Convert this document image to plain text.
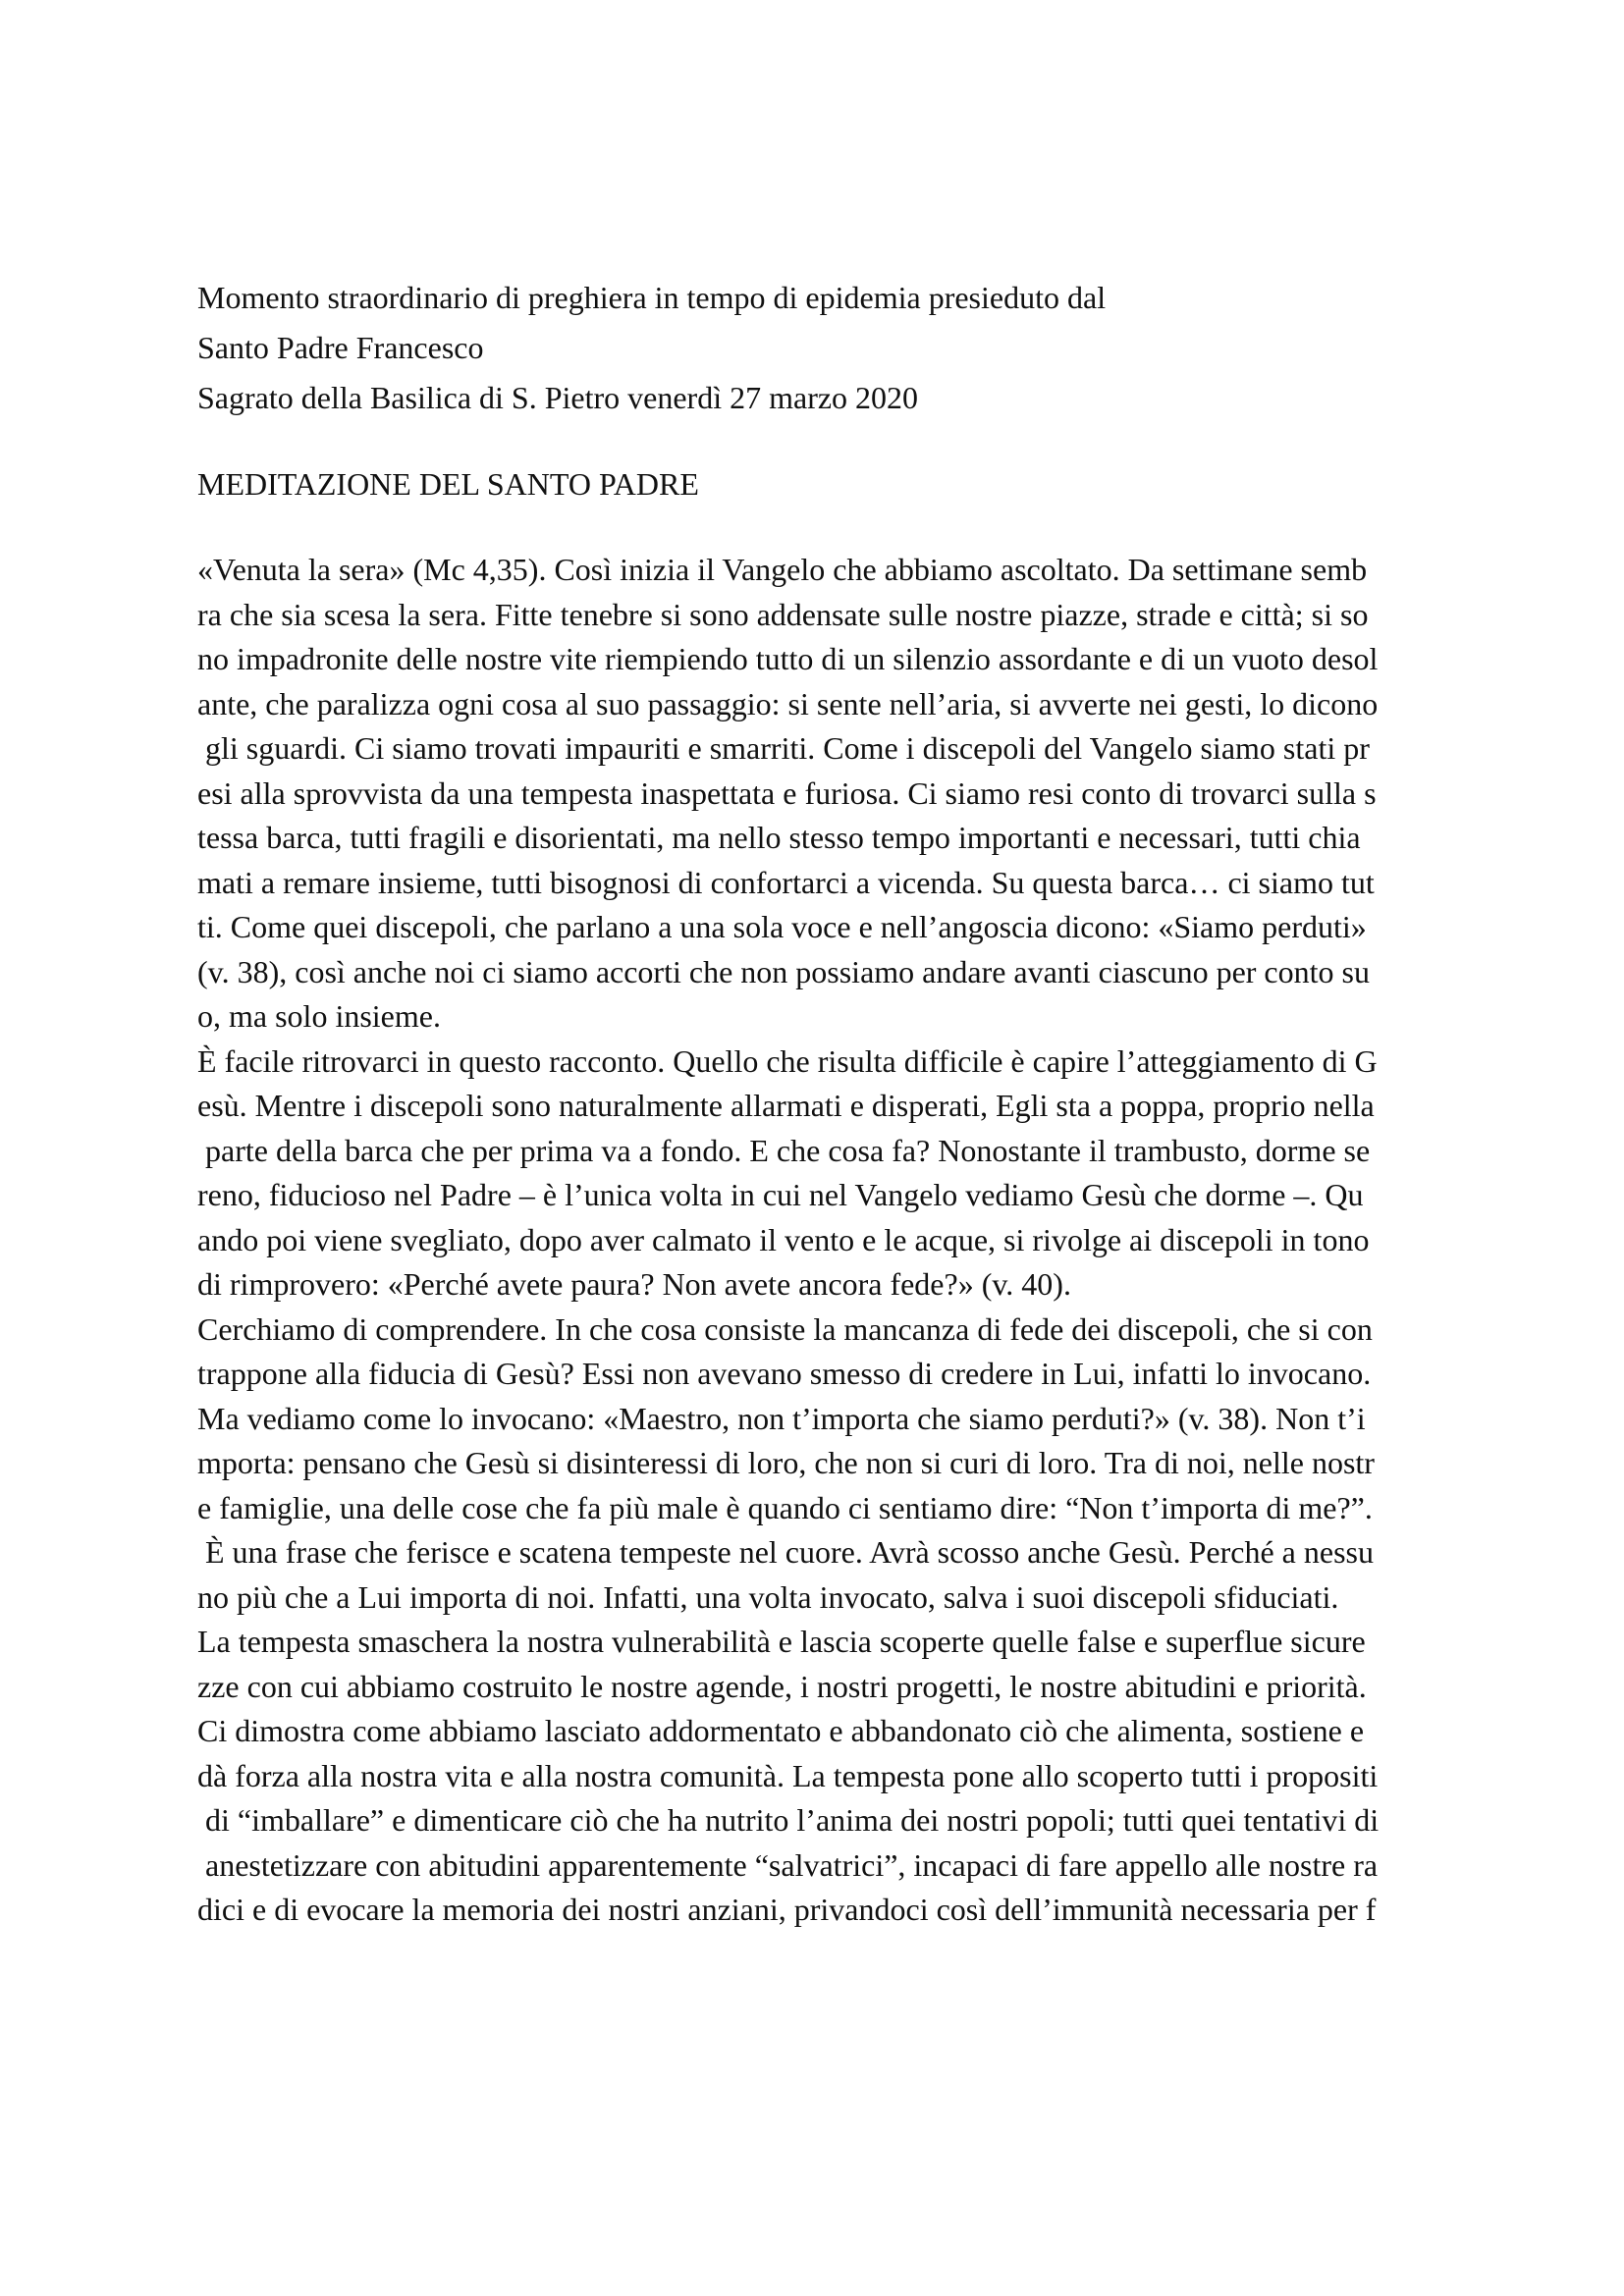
Momento straordinario di preghiera in tempo di epidemia presieduto dal
Santo Padre Francesco
Sagrato della Basilica di S. Pietro venerdì 27 marzo 2020
MEDITAZIONE DEL SANTO PADRE
«Venuta la sera» (Mc 4,35). Così inizia il Vangelo che abbiamo ascoltato. Da settimane semb
ra che sia scesa la sera. Fitte tenebre si sono addensate sulle nostre piazze, strade e città; si so
no impadronite delle nostre vite riempiendo tutto di un silenzio assordante e di un vuoto desol
ante, che paralizza ogni cosa al suo passaggio: si sente nell’aria, si avverte nei gesti, lo dicono
gli sguardi. Ci siamo trovati impauriti e smarriti. Come i discepoli del Vangelo siamo stati pr
esi alla sprovvista da una tempesta inaspettata e furiosa. Ci siamo resi conto di trovarci sulla s
tessa barca, tutti fragili e disorientati, ma nello stesso tempo importanti e necessari, tutti chia
mati a remare insieme, tutti bisognosi di confortarci a vicenda. Su questa barca… ci siamo tut
ti. Come quei discepoli, che parlano a una sola voce e nell’angoscia dicono: «Siamo perduti»
(v. 38), così anche noi ci siamo accorti che non possiamo andare avanti ciascuno per conto su
o, ma solo insieme.
È facile ritrovarci in questo racconto. Quello che risulta difficile è capire l’atteggiamento di G
esù. Mentre i discepoli sono naturalmente allarmati e disperati, Egli sta a poppa, proprio nella
parte della barca che per prima va a fondo. E che cosa fa? Nonostante il trambusto, dorme se
reno, fiducioso nel Padre – è l’unica volta in cui nel Vangelo vediamo Gesù che dorme –. Qu
ando poi viene svegliato, dopo aver calmato il vento e le acque, si rivolge ai discepoli in tono
di rimprovero: «Perché avete paura? Non avete ancora fede?» (v. 40).
Cerchiamo di comprendere. In che cosa consiste la mancanza di fede dei discepoli, che si con
trappone alla fiducia di Gesù? Essi non avevano smesso di credere in Lui, infatti lo invocano.
Ma vediamo come lo invocano: «Maestro, non t’importa che siamo perduti?» (v. 38). Non t’i
mporta: pensano che Gesù si disinteressi di loro, che non si curi di loro. Tra di noi, nelle nostr
e famiglie, una delle cose che fa più male è quando ci sentiamo dire: “Non t’importa di me?”.
È una frase che ferisce e scatena tempeste nel cuore. Avrà scosso anche Gesù. Perché a nessu
no più che a Lui importa di noi. Infatti, una volta invocato, salva i suoi discepoli sfiduciati.
La tempesta smaschera la nostra vulnerabilità e lascia scoperte quelle false e superflue sicure
zze con cui abbiamo costruito le nostre agende, i nostri progetti, le nostre abitudini e priorità.
Ci dimostra come abbiamo lasciato addormentato e abbandonato ciò che alimenta, sostiene e
dà forza alla nostra vita e alla nostra comunità. La tempesta pone allo scoperto tutti i propositi
di “imballare” e dimenticare ciò che ha nutrito l’anima dei nostri popoli; tutti quei tentativi di
anestetizzare con abitudini apparentemente “salvatrici”, incapaci di fare appello alle nostre ra
dici e di evocare la memoria dei nostri anziani, privandoci così dell’immunità necessaria per f
